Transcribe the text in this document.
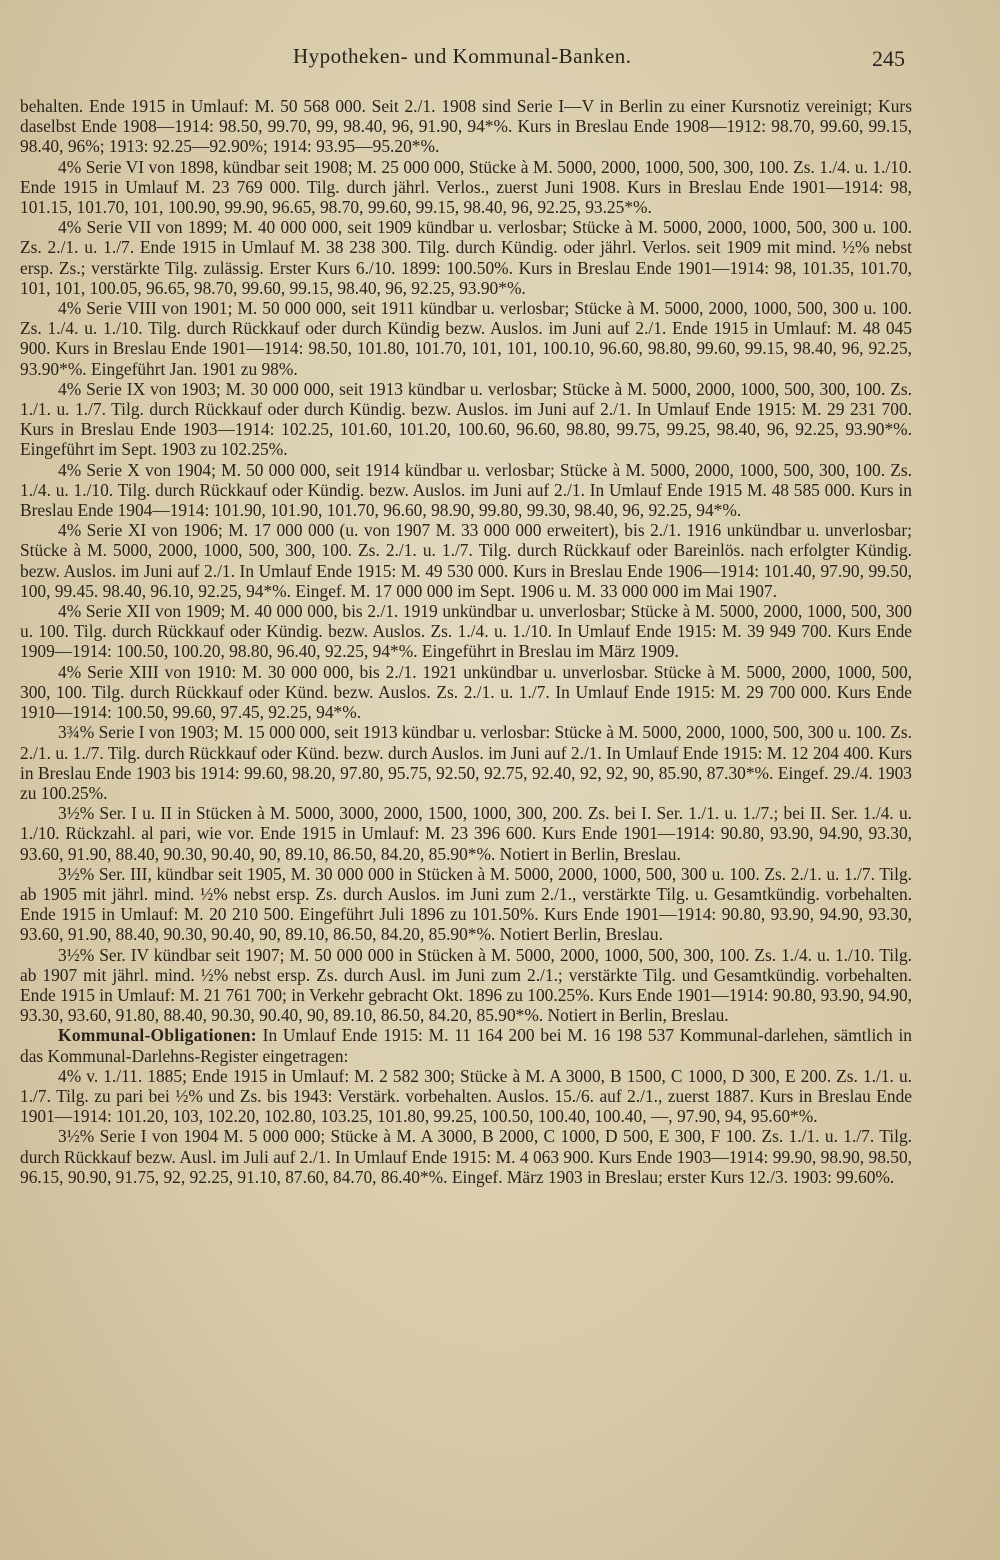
Hypotheken- und Kommunal-Banken.	245

behalten. Ende 1915 in Umlauf: M. 50 568 000. Seit 2./1. 1908 sind Serie I—V in Berlin zu einer Kursnotiz vereinigt; Kurs daselbst Ende 1908—1914: 98.50, 99.70, 99, 98.40, 96, 91.90, 94*%. Kurs in Breslau Ende 1908—1912: 98.70, 99.60, 99.15, 98.40, 96%; 1913: 92.25—92.90%; 1914: 93.95—95.20*%.

4% Serie VI von 1898, kündbar seit 1908; M. 25 000 000, Stücke à M. 5000, 2000, 1000, 500, 300, 100. Zs. 1./4. u. 1./10. Ende 1915 in Umlauf M. 23 769 000. Tilg. durch jährl. Verlos., zuerst Juni 1908. Kurs in Breslau Ende 1901—1914: 98, 101.15, 101.70, 101, 100.90, 99.90, 96.65, 98.70, 99.60, 99.15, 98.40, 96, 92.25, 93.25*%.

4% Serie VII von 1899; M. 40 000 000, seit 1909 kündbar u. verlosbar; Stücke à M. 5000, 2000, 1000, 500, 300 u. 100. Zs. 2./1. u. 1./7. Ende 1915 in Umlauf M. 38 238 300. Tilg. durch Kündig. oder jährl. Verlos. seit 1909 mit mind. ½% nebst ersp. Zs.; verstärkte Tilg. zulässig. Erster Kurs 6./10. 1899: 100.50%. Kurs in Breslau Ende 1901—1914: 98, 101.35, 101.70, 101, 101, 100.05, 96.65, 98.70, 99.60, 99.15, 98.40, 96, 92.25, 93.90*%.

4% Serie VIII von 1901; M. 50 000 000, seit 1911 kündbar u. verlosbar; Stücke à M. 5000, 2000, 1000, 500, 300 u. 100. Zs. 1./4. u. 1./10. Tilg. durch Rückkauf oder durch Kündig bezw. Auslos. im Juni auf 2./1. Ende 1915 in Umlauf: M. 48 045 900. Kurs in Breslau Ende 1901—1914: 98.50, 101.80, 101.70, 101, 101, 100.10, 96.60, 98.80, 99.60, 99.15, 98.40, 96, 92.25, 93.90*%. Eingeführt Jan. 1901 zu 98%.

4% Serie IX von 1903; M. 30 000 000, seit 1913 kündbar u. verlosbar; Stücke à M. 5000, 2000, 1000, 500, 300, 100. Zs. 1./1. u. 1./7. Tilg. durch Rückkauf oder durch Kündig. bezw. Auslos. im Juni auf 2./1. In Umlauf Ende 1915: M. 29 231 700. Kurs in Breslau Ende 1903—1914: 102.25, 101.60, 101.20, 100.60, 96.60, 98.80, 99.75, 99.25, 98.40, 96, 92.25, 93.90*%. Eingeführt im Sept. 1903 zu 102.25%.

4% Serie X von 1904; M. 50 000 000, seit 1914 kündbar u. verlosbar; Stücke à M. 5000, 2000, 1000, 500, 300, 100. Zs. 1./4. u. 1./10. Tilg. durch Rückkauf oder Kündig. bezw. Auslos. im Juni auf 2./1. In Umlauf Ende 1915 M. 48 585 000. Kurs in Breslau Ende 1904—1914: 101.90, 101.90, 101.70, 96.60, 98.90, 99.80, 99.30, 98.40, 96, 92.25, 94*%.

4% Serie XI von 1906; M. 17 000 000 (u. von 1907 M. 33 000 000 erweitert), bis 2./1. 1916 unkündbar u. unverlosbar; Stücke à M. 5000, 2000, 1000, 500, 300, 100. Zs. 2./1. u. 1./7. Tilg. durch Rückkauf oder Bareinlös. nach erfolgter Kündig. bezw. Auslos. im Juni auf 2./1. In Umlauf Ende 1915: M. 49 530 000. Kurs in Breslau Ende 1906—1914: 101.40, 97.90, 99.50, 100, 99.45. 98.40, 96.10, 92.25, 94*%. Eingef. M. 17 000 000 im Sept. 1906 u. M. 33 000 000 im Mai 1907.

4% Serie XII von 1909; M. 40 000 000, bis 2./1. 1919 unkündbar u. unverlosbar; Stücke à M. 5000, 2000, 1000, 500, 300 u. 100. Tilg. durch Rückkauf oder Kündig. bezw. Auslos. Zs. 1./4. u. 1./10. In Umlauf Ende 1915: M. 39 949 700. Kurs Ende 1909—1914: 100.50, 100.20, 98.80, 96.40, 92.25, 94*%. Eingeführt in Breslau im März 1909.

4% Serie XIII von 1910: M. 30 000 000, bis 2./1. 1921 unkündbar u. unverlosbar. Stücke à M. 5000, 2000, 1000, 500, 300, 100. Tilg. durch Rückkauf oder Künd. bezw. Auslos. Zs. 2./1. u. 1./7. In Umlauf Ende 1915: M. 29 700 000. Kurs Ende 1910—1914: 100.50, 99.60, 97.45, 92.25, 94*%.

3¾% Serie I von 1903; M. 15 000 000, seit 1913 kündbar u. verlosbar: Stücke à M. 5000, 2000, 1000, 500, 300 u. 100. Zs. 2./1. u. 1./7. Tilg. durch Rückkauf oder Künd. bezw. durch Auslos. im Juni auf 2./1. In Umlauf Ende 1915: M. 12 204 400. Kurs in Breslau Ende 1903 bis 1914: 99.60, 98.20, 97.80, 95.75, 92.50, 92.75, 92.40, 92, 92, 90, 85.90, 87.30*%. Eingef. 29./4. 1903 zu 100.25%.

3½% Ser. I u. II in Stücken à M. 5000, 3000, 2000, 1500, 1000, 300, 200. Zs. bei I. Ser. 1./1. u. 1./7.; bei II. Ser. 1./4. u. 1./10. Rückzahl. al pari, wie vor. Ende 1915 in Umlauf: M. 23 396 600. Kurs Ende 1901—1914: 90.80, 93.90, 94.90, 93.30, 93.60, 91.90, 88.40, 90.30, 90.40, 90, 89.10, 86.50, 84.20, 85.90*%. Notiert in Berlin, Breslau.

3½% Ser. III, kündbar seit 1905, M. 30 000 000 in Stücken à M. 5000, 2000, 1000, 500, 300 u. 100. Zs. 2./1. u. 1./7. Tilg. ab 1905 mit jährl. mind. ½% nebst ersp. Zs. durch Auslos. im Juni zum 2./1., verstärkte Tilg. u. Gesamtkündig. vorbehalten. Ende 1915 in Umlauf: M. 20 210 500. Eingeführt Juli 1896 zu 101.50%. Kurs Ende 1901—1914: 90.80, 93.90, 94.90, 93.30, 93.60, 91.90, 88.40, 90.30, 90.40, 90, 89.10, 86.50, 84.20, 85.90*%. Notiert Berlin, Breslau.

3½% Ser. IV kündbar seit 1907; M. 50 000 000 in Stücken à M. 5000, 2000, 1000, 500, 300, 100. Zs. 1./4. u. 1./10. Tilg. ab 1907 mit jährl. mind. ½% nebst ersp. Zs. durch Ausl. im Juni zum 2./1.; verstärkte Tilg. und Gesamtkündig. vorbehalten. Ende 1915 in Umlauf: M. 21 761 700; in Verkehr gebracht Okt. 1896 zu 100.25%. Kurs Ende 1901—1914: 90.80, 93.90, 94.90, 93.30, 93.60, 91.80, 88.40, 90.30, 90.40, 90, 89.10, 86.50, 84.20, 85.90*%. Notiert in Berlin, Breslau.

Kommunal-Obligationen: In Umlauf Ende 1915: M. 11 164 200 bei M. 16 198 537 Kommunal-darlehen, sämtlich in das Kommunal-Darlehns-Register eingetragen:

4% v. 1./11. 1885; Ende 1915 in Umlauf: M. 2 582 300; Stücke à M. A 3000, B 1500, C 1000, D 300, E 200. Zs. 1./1. u. 1./7. Tilg. zu pari bei ½% und Zs. bis 1943: Verstärk. vorbehalten. Auslos. 15./6. auf 2./1., zuerst 1887. Kurs in Breslau Ende 1901—1914: 101.20, 103, 102.20, 102.80, 103.25, 101.80, 99.25, 100.50, 100.40, 100.40, —, 97.90, 94, 95.60*%.

3½% Serie I von 1904 M. 5 000 000; Stücke à M. A 3000, B 2000, C 1000, D 500, E 300, F 100. Zs. 1./1. u. 1./7. Tilg. durch Rückkauf bezw. Ausl. im Juli auf 2./1. In Umlauf Ende 1915: M. 4 063 900. Kurs Ende 1903—1914: 99.90, 98.90, 98.50, 96.15, 90.90, 91.75, 92, 92.25, 91.10, 87.60, 84.70, 86.40*%. Eingef. März 1903 in Breslau; erster Kurs 12./3. 1903: 99.60%.
